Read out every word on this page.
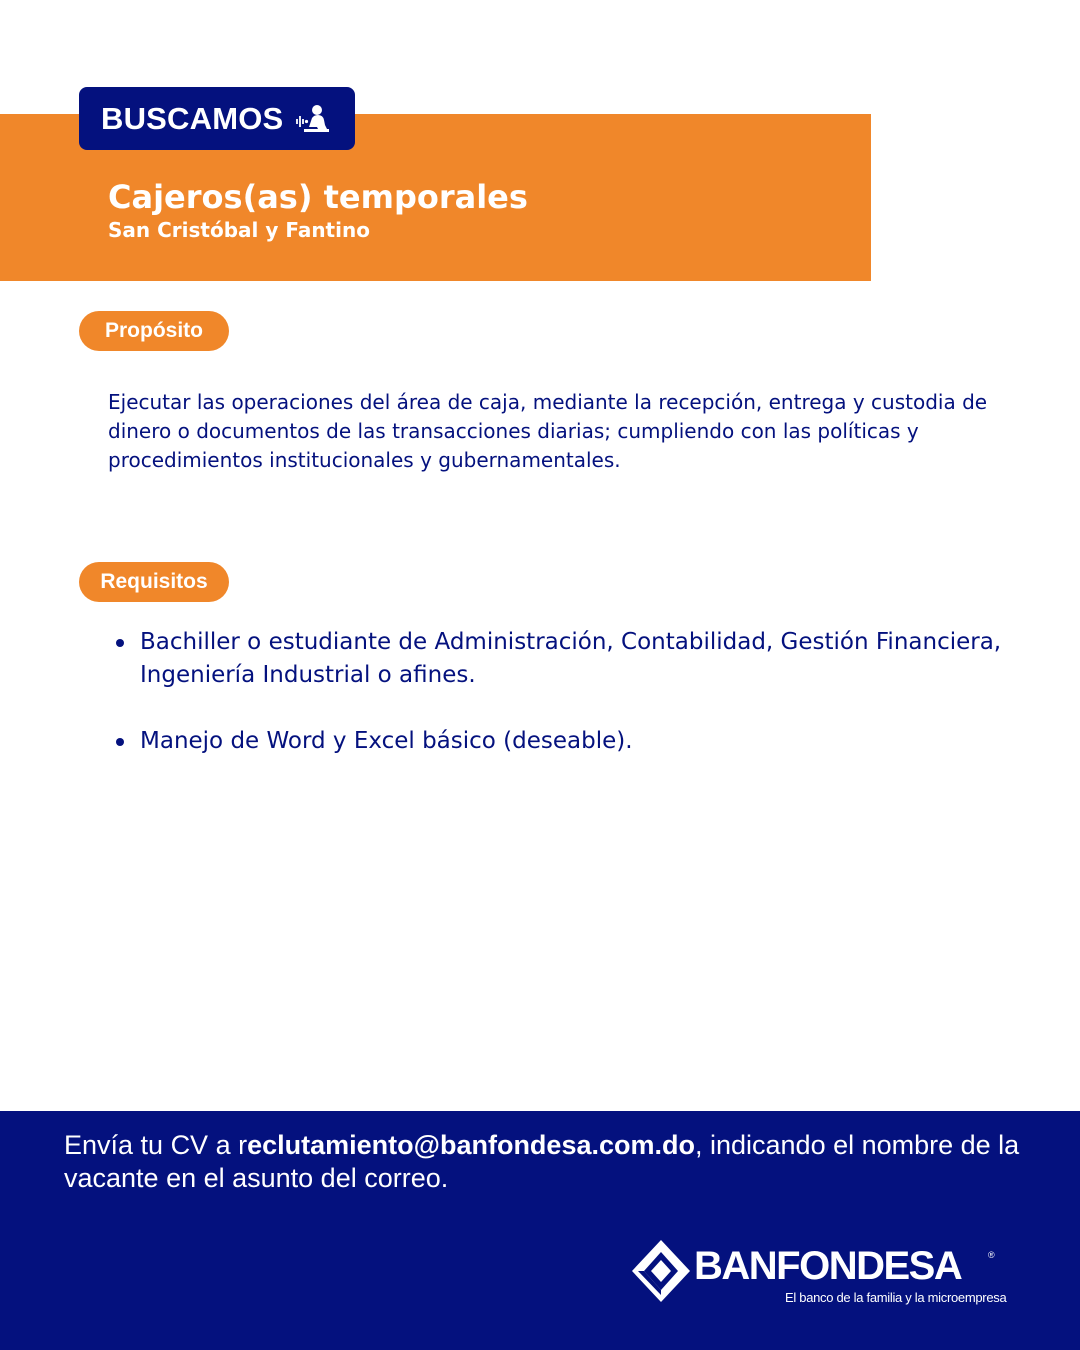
BUSCAMOS
Cajeros(as) temporales
San Cristóbal y Fantino
Propósito

Ejecutar las operaciones del área de caja, mediante la recepción, entrega y custodia de dinero o documentos de las transacciones diarias; cumpliendo con las políticas y procedimientos institucionales y gubernamentales.

Requisitos
Bachiller o estudiante de Administración, Contabilidad, Gestión Financiera, Ingeniería Industrial o afines.
Manejo de Word y Excel básico (deseable).

Envía tu CV a reclutamiento@banfondesa.com.do, indicando el nombre de la vacante en el asunto del correo.

BANFONDESA	®
El banco de la familia y la microempresa
